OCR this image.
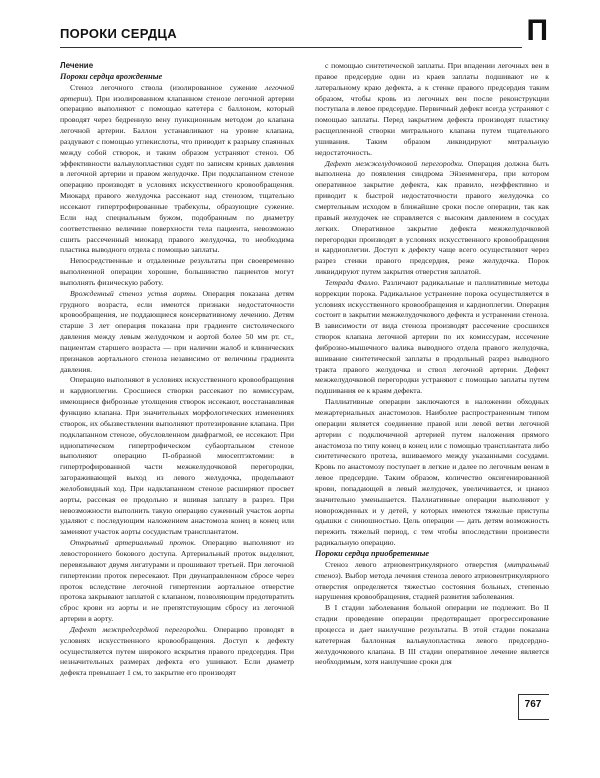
ПОРОКИ СЕРДЦА	П

Лечение

Пороки сердца врожденные

Стеноз легочного ствола (изолированное сужение легочной артерии). При изолированном клапанном стенозе легочной артерии операцию выполняют с помощью катетера с баллоном, который проводят через бедренную вену пункционным методом до клапана легочной артерии. Баллон устанавливают на уровне клапана, раздувают с помощью углекислоты, что приводит к разрыву спаянных между собой створок, и таким образом устраняют стеноз. Об эффективности вальвулопластики судят по записям кривых давления в легочной артерии и правом желудочке. При подклапанном стенозе операцию производят в условиях искусственного кровообращения. Миокард правого желудочка рассекают над стенозом, тщательно иссекают гипертрофированные трабекулы, образующие сужение. Если над специальным бужом, подобранным по диаметру соответственно величине поверхности тела пациента, невозможно сшить рассеченный миокард правого желудочка, то необходима пластика выводного отдела с помощью заплаты.

Непосредственные и отдаленные результаты при своевременно выполненной операции хорошие, большинство пациентов могут выполнять физическую работу.

Врожденный стеноз устья аорты. Операция показана детям грудного возраста, если имеются признаки недостаточности кровообращения, не поддающиеся консервативному лечению. Детям старше 3 лет операция показана при градиенте систолического давления между левым желудочком и аортой более 50 мм рт. ст., пациентам старшего возраста — при наличии жалоб и клинических признаков аортального стеноза независимо от величины градиента давления.

Операцию выполняют в условиях искусственного кровообращения и кардиоплегии. Сросшиеся створки рассекают по комиссурам, имеющиеся фиброзные утолщения створок иссекают, восстанавливая функцию клапана. При значительных морфологических изменениях створок, их обызвествлении выполняют протезирование клапана. При подклапанном стенозе, обусловленном диафрагмой, ее иссекают. При идиопатическом гипертрофическом субаортальном стенозе выполняют операцию П-образной миосептэктомии: в гипертрофированной части межжелудочковой перегородки, загораживающей выход из левого желудочка, продельвают желобовидный ход. При надклапанном стенозе расширяют просвет аорты, рассекая ее продольно и вшивая заплату в разрез. При невозможности выполнить такую операцию суженный участок аорты удаляют с последующим наложением анастомоза конец в конец или заменяют участок аорты сосудистым трансплантатом.

Открытый артериальный проток. Операцию выполняют из левостороннего бокового доступа. Артериальный проток выделяют, перевязывают двумя лигатурами и прошивают третьей. При легочной гипертензии проток пересекают. При двунаправленном сбросе через проток вследствие легочной гипертензии аортальное отверстие протока закрывают заплатой с клапаном, позволяющим предотвратить сброс крови из аорты и не препятствующим сбросу из легочной артерии в аорту.

Дефект межпредсердной перегородки. Операцию проводят в условиях искусственного кровообращения. Доступ к дефекту осуществляется путем широкого вскрытия правого предсердия. При незначительных размерах дефекта его ушивают. Если диаметр дефекта превышает 1 см, то закрытие его производят

с помощью синтетической заплаты. При впадении легочных вен в правое предсердие один из краев заплаты подшивают не к латеральному краю дефекта, а к стенке правого предсердия таким образом, чтобы кровь из легочных вен после реконструкции поступала в левое предсердие. Первичный дефект всегда устраняют с помощью заплаты. Перед закрытием дефекта производят пластику расщепленной створки митрального клапана путем тщательного ушивания. Таким образом ликвидируют митральную недостаточность.

Дефект межжелудочковой перегородки. Операция должна быть выполнена до появления синдрома Эйзенменгера, при котором оперативное закрытие дефекта, как правило, неэффективно и приводит к быстрой недостаточности правого желудочка со смертельным исходом в ближайшие сроки после операции, так как правый желудочек не справляется с высоким давлением в сосудах легких. Оперативное закрытие дефекта межжелудочковой перегородки производят в условиях искусственного кровообращения и кардиоплегии. Доступ к дефекту чаще всего осуществляют через разрез стенки правого предсердия, реже желудочка. Порок ликвидируют путем закрытия отверстия заплатой.

Тетрада Фалло. Различают радикальные и паллиативные методы коррекции порока. Радикальное устранение порока осуществляется в условиях искусственного кровообращения и кардиоплегии. Операция состоит в закрытии межжелудочкового дефекта и устранении стеноза. В зависимости от вида стеноза производят рассечение сросшихся створок клапана легочной артерии по их комиссурам, иссечение фиброзно-мышечного валика выводного отдела правого желудочка, вшивание синтетической заплаты в продольный разрез выводного тракта правого желудочка и ствол легочной артерии. Дефект межжелудочковой перегородки устраняют с помощью заплаты путем подшивания ее к краям дефекта.

Паллиативные операции заключаются в наложении обходных межартериальных анастомозов. Наиболее распространенным типом операции является соединение правой или левой ветви легочной артерии с подключичной артерией путем наложения прямого анастомоза по типу конец в конец или с помощью трансплантата либо синтетического протеза, вшиваемого между указанными сосудами. Кровь по анастомозу поступает в легкие и далее по легочным венам в левое предсердие. Таким образом, количество оксигенированной крови, попадающей в левый желудочек, увеличивается, и цианоз значительно уменьшается. Паллиативные операции выполняют у новорожденных и у детей, у которых имеются тяжелые приступы одышки с синюшностью. Цель операции — дать детям возможность пережить тяжелый период, с тем чтобы впоследствии произвести радикальную операцию.

Пороки сердца приобретенные

Стеноз левого атриовентрикулярного отверстия (митральный стеноз). Выбор метода лечения стеноза левого атриовентрикулярного отверстия определяется тяжестью состояния больных, степенью нарушения кровообращения, стадией развития заболевания.

В I стадии заболевания больной операции не подлежит. Во II стадии проведение операции предотвращает прогрессирование процесса и дает наилучшие результаты. В этой стадии показана катетерная баллонная вальвулопластика левого предсердно-желудочкового клапана. В III стадии оперативное лечение является необходимым, хотя наилучшие сроки для

767
